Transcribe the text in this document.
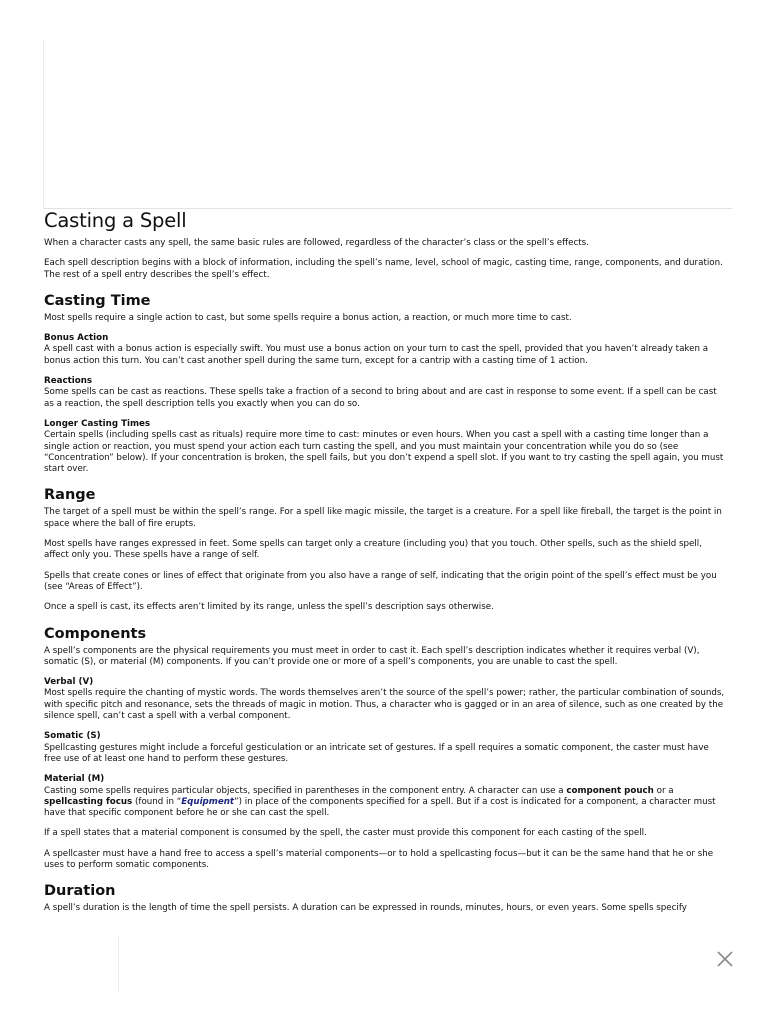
Casting a Spell

When a character casts any spell, the same basic rules are followed, regardless of the character’s class or the spell’s effects.

Each spell description begins with a block of information, including the spell’s name, level, school of magic, casting time, range, components, and duration. The rest of a spell entry describes the spell’s effect.

Casting Time

Most spells require a single action to cast, but some spells require a bonus action, a reaction, or much more time to cast.

Bonus Action

A spell cast with a bonus action is especially swift. You must use a bonus action on your turn to cast the spell, provided that you haven’t already taken a bonus action this turn. You can’t cast another spell during the same turn, except for a cantrip with a casting time of 1 action.

Reactions

Some spells can be cast as reactions. These spells take a fraction of a second to bring about and are cast in response to some event. If a spell can be cast as a reaction, the spell description tells you exactly when you can do so.

Longer Casting Times

Certain spells (including spells cast as rituals) require more time to cast: minutes or even hours. When you cast a spell with a casting time longer than a single action or reaction, you must spend your action each turn casting the spell, and you must maintain your concentration while you do so (see “Concentration” below). If your concentration is broken, the spell fails, but you don’t expend a spell slot. If you want to try casting the spell again, you must start over.

Range

The target of a spell must be within the spell’s range. For a spell like magic missile, the target is a creature. For a spell like fireball, the target is the point in space where the ball of fire erupts.

Most spells have ranges expressed in feet. Some spells can target only a creature (including you) that you touch. Other spells, such as the shield spell, affect only you. These spells have a range of self.

Spells that create cones or lines of effect that originate from you also have a range of self, indicating that the origin point of the spell’s effect must be you (see “Areas of Effect”).

Once a spell is cast, its effects aren’t limited by its range, unless the spell’s description says otherwise.

Components

A spell’s components are the physical requirements you must meet in order to cast it. Each spell’s description indicates whether it requires verbal (V), somatic (S), or material (M) components. If you can’t provide one or more of a spell’s components, you are unable to cast the spell.

Verbal (V)

Most spells require the chanting of mystic words. The words themselves aren’t the source of the spell’s power; rather, the particular combination of sounds, with specific pitch and resonance, sets the threads of magic in motion. Thus, a character who is gagged or in an area of silence, such as one created by the silence spell, can’t cast a spell with a verbal component.

Somatic (S)

Spellcasting gestures might include a forceful gesticulation or an intricate set of gestures. If a spell requires a somatic component, the caster must have free use of at least one hand to perform these gestures.

Material (M)

Casting some spells requires particular objects, specified in parentheses in the component entry. A character can use a component pouch or a spellcasting focus (found in “Equipment”) in place of the components specified for a spell. But if a cost is indicated for a component, a character must have that specific component before he or she can cast the spell.

If a spell states that a material component is consumed by the spell, the caster must provide this component for each casting of the spell.

A spellcaster must have a hand free to access a spell’s material components—or to hold a spellcasting focus—but it can be the same hand that he or she uses to perform somatic components.

Duration

A spell’s duration is the length of time the spell persists. A duration can be expressed in rounds, minutes, hours, or even years. Some spells specify
